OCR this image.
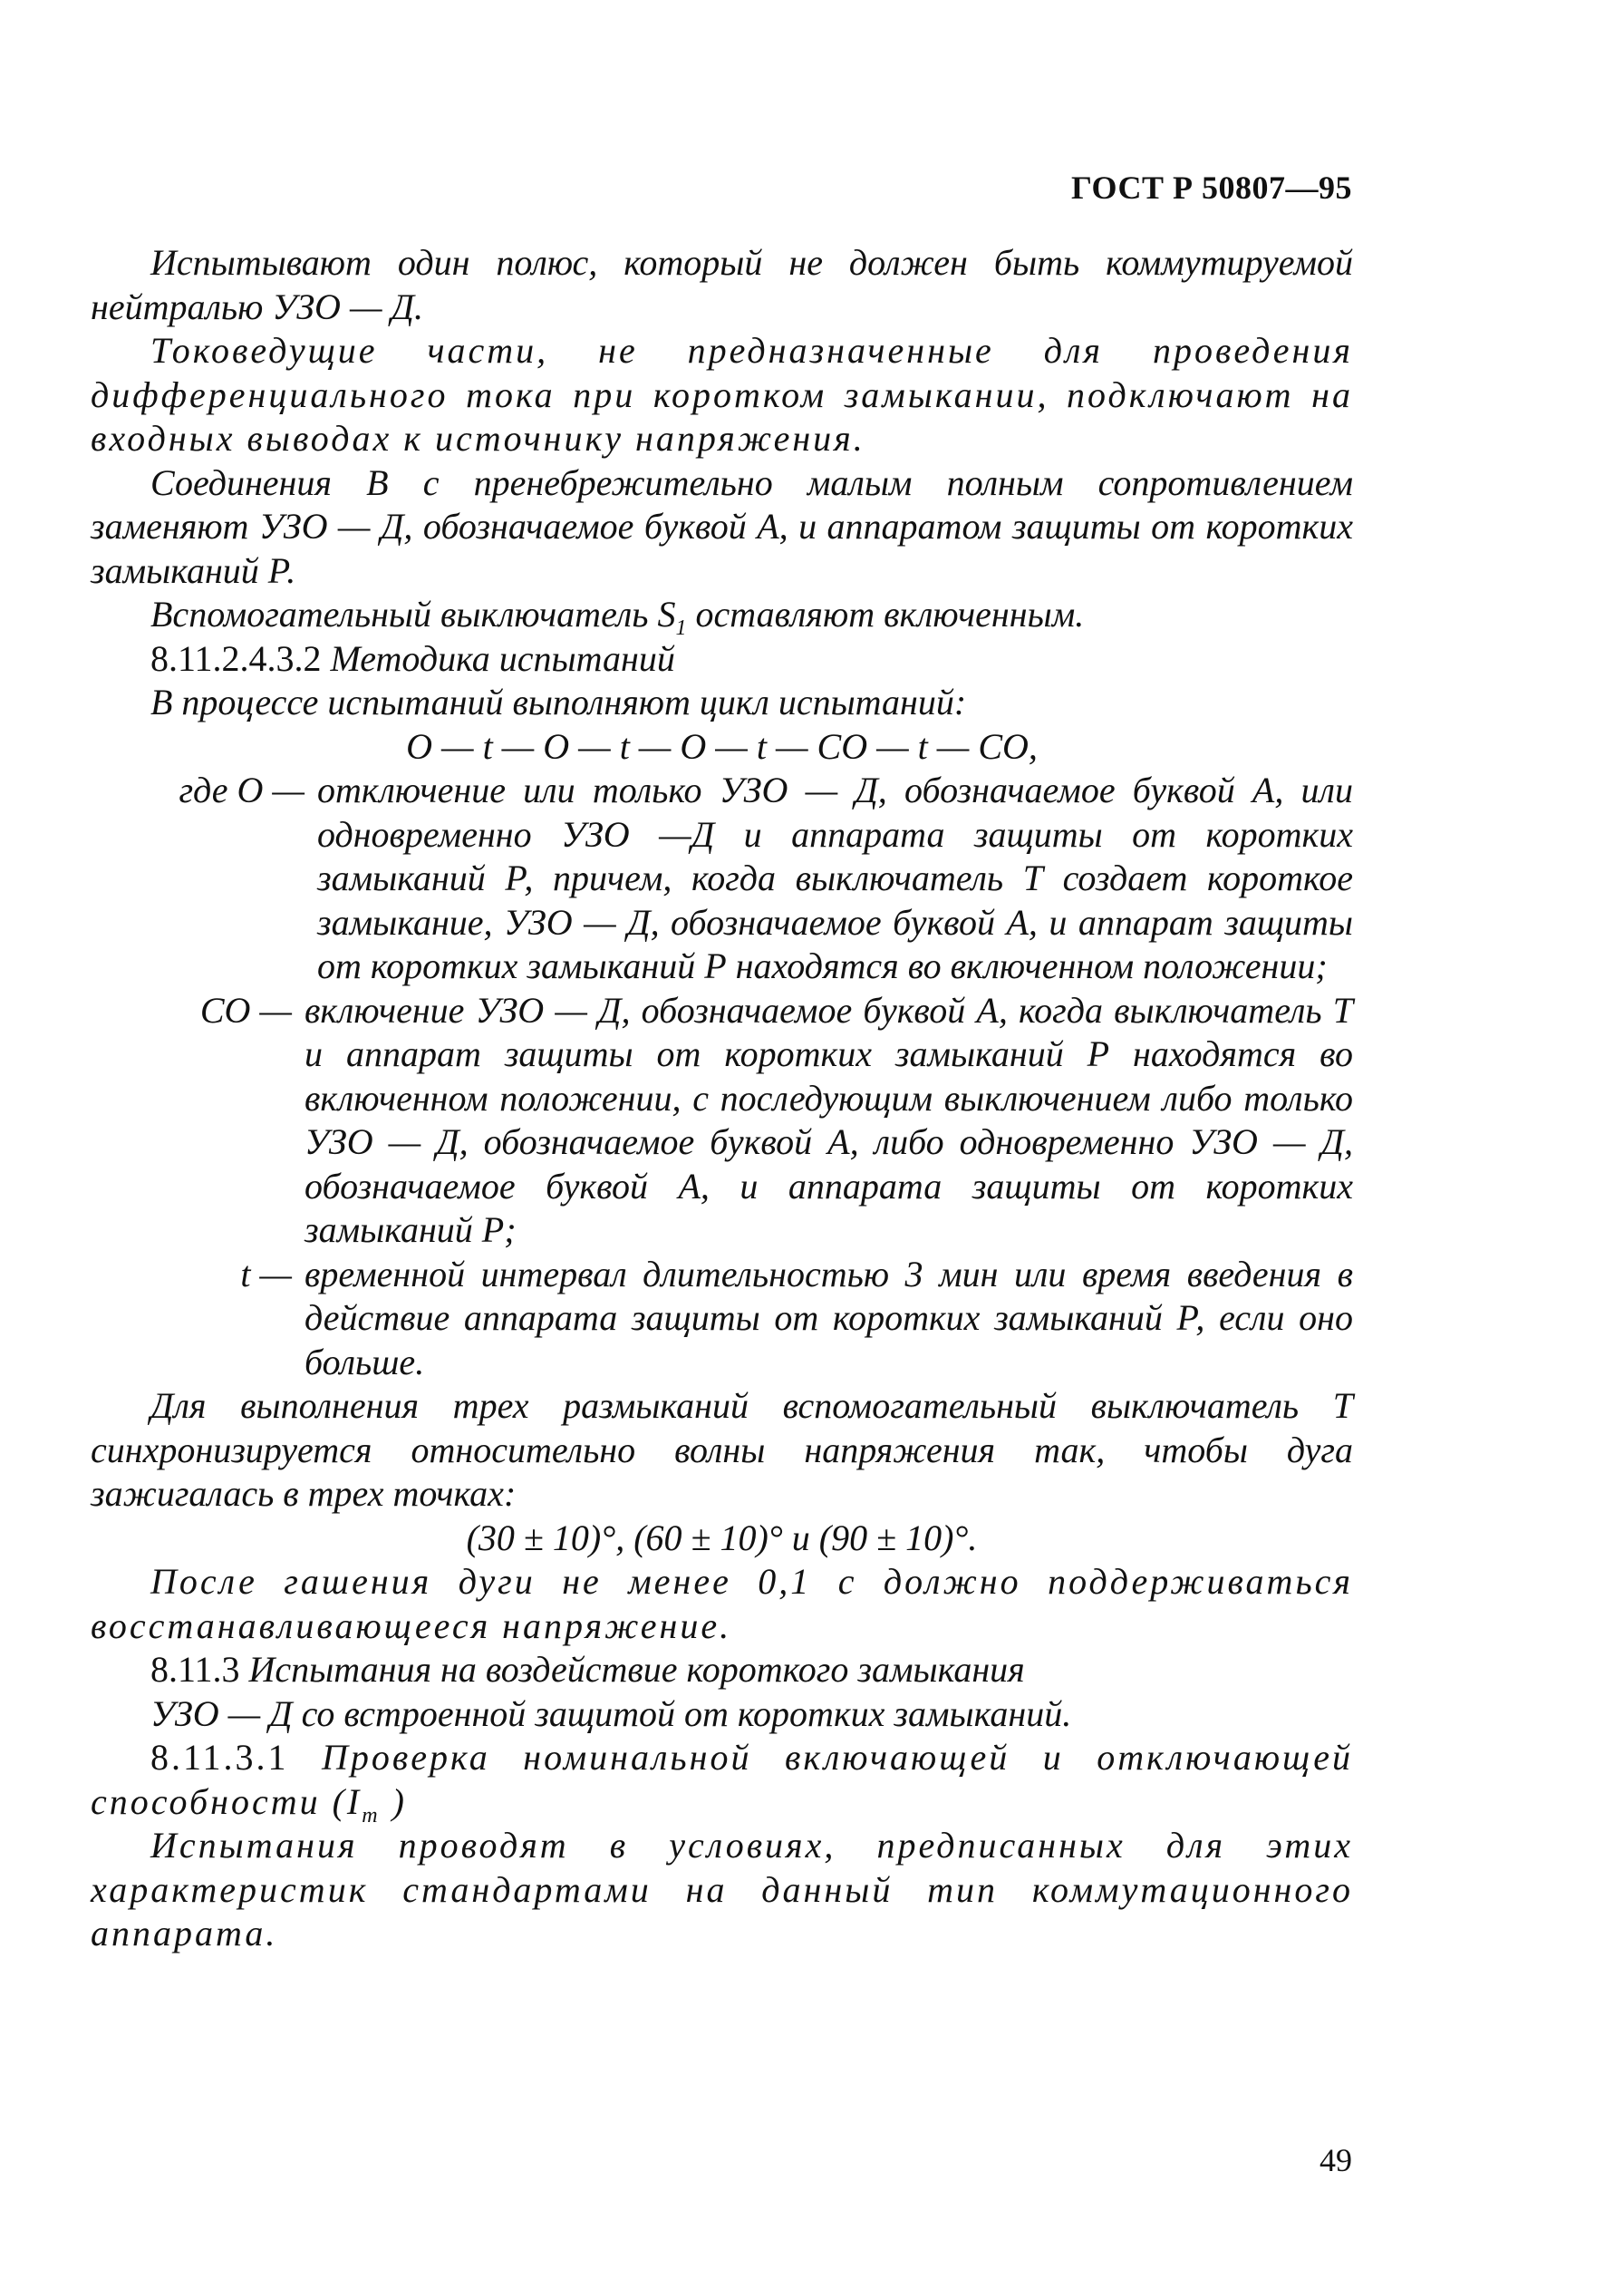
ГОСТ Р 50807—95

Испытывают один полюс, который не должен быть коммутируемой нейтралью УЗО — Д.

Токоведущие части, не предназначенные для проведения дифференциального тока при коротком замыкании, подключают на входных выводах к источнику напряжения.

Соединения В с пренебрежительно малым полным сопротивлением заменяют УЗО — Д, обозначаемое буквой А, и аппаратом защиты от коротких замыканий Р.

Вспомогательный выключатель $S_1$ оставляют включенным.

8.11.2.4.3.2 Методика испытаний

В процессе испытаний выполняют цикл испытаний:

О — t — О — t — О — t — СО — t — СО,

где О — отключение или только УЗО — Д, обозначаемое буквой А, или одновременно УЗО —Д и аппарата защиты от коротких замыканий Р, причем, когда выключатель Т создает короткое замыкание, УЗО — Д, обозначаемое буквой А, и аппарат защиты от коротких замыканий Р находятся во включенном положении;
СО — включение УЗО — Д, обозначаемое буквой А, когда выключатель Т и аппарат защиты от коротких замыканий Р находятся во включенном положении, с последующим выключением либо только УЗО — Д, обозначаемое буквой А, либо одновременно УЗО — Д, обозначаемое буквой А, и аппарата защиты от коротких замыканий Р;
t — временной интервал длительностью 3 мин или время введения в действие аппарата защиты от коротких замыканий Р, если оно больше.

Для выполнения трех размыканий вспомогательный выключатель Т синхронизируется относительно волны напряжения так, чтобы дуга зажигалась в трех точках:

(30 ± 10)°, (60 ± 10)° и (90 ± 10)°.

После гашения дуги не менее 0,1 с должно поддерживаться восстанавливающееся напряжение.

8.11.3 Испытания на воздействие короткого замыкания

УЗО — Д со встроенной защитой от коротких замыканий.

8.11.3.1 Проверка номинальной включающей и отключающей способности ($I_m$ )

Испытания проводят в условиях, предписанных для этих характеристик стандартами на данный тип коммутационного аппарата.

49
